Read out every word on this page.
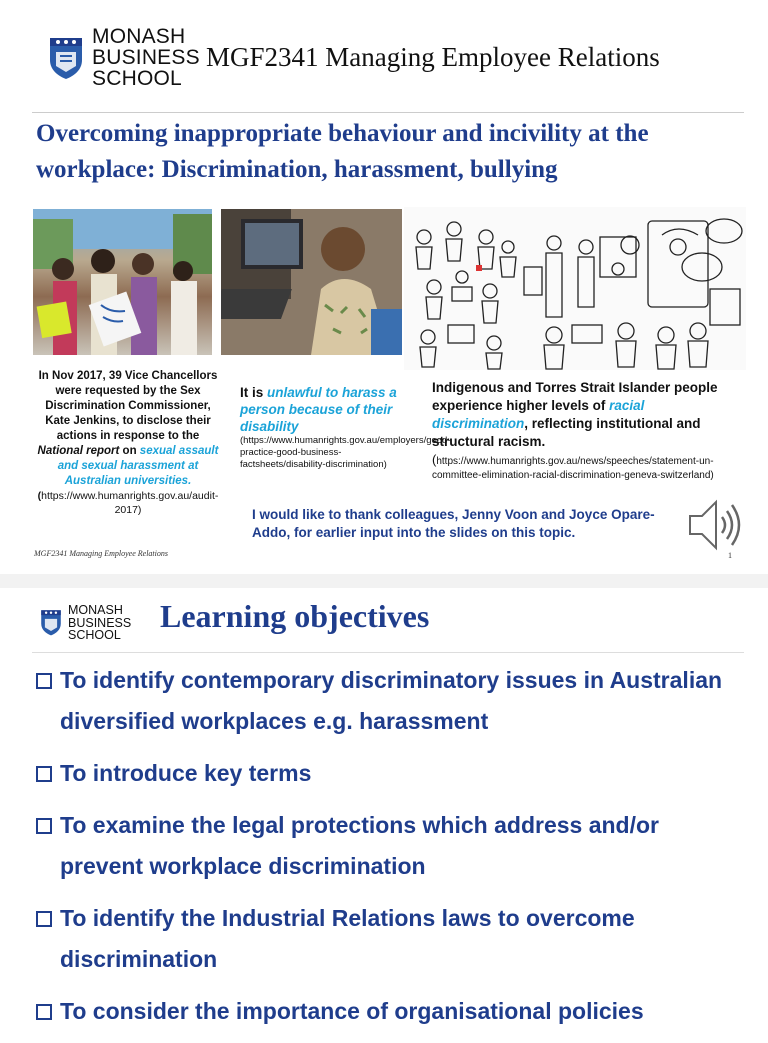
MONASH
BUSINESS
SCHOOL
MGF2341 Managing Employee Relations
Overcoming inappropriate behaviour and incivility at the workplace: Discrimination, harassment, bullying
In Nov 2017, 39 Vice Chancellors were requested by the Sex Discrimination Commissioner, Kate Jenkins, to disclose their actions in response to the National report on sexual assault and sexual harassment at Australian universities.
(https://www.humanrights.gov.au/audit-2017)
It is unlawful to harass a person because of their disability
(https://www.humanrights.gov.au/employers/good-practice-good-business-factsheets/disability-discrimination)
Indigenous and Torres Strait Islander people experience higher levels of racial discrimination, reflecting institutional and structural racism.
(https://www.humanrights.gov.au/news/speeches/statement-un-committee-elimination-racial-discrimination-geneva-switzerland)
I would like to thank colleagues, Jenny Voon and Joyce Opare-Addo, for earlier input into the slides on this topic.
MGF2341 Managing Employee Relations	1
MONASH
BUSINESS
SCHOOL
Learning objectives
To identify contemporary discriminatory issues in Australian diversified workplaces e.g. harassment
To introduce key terms
To examine the legal protections which address and/or prevent workplace discrimination
To identify the Industrial Relations laws to overcome discrimination
To consider the importance of organisational policies
